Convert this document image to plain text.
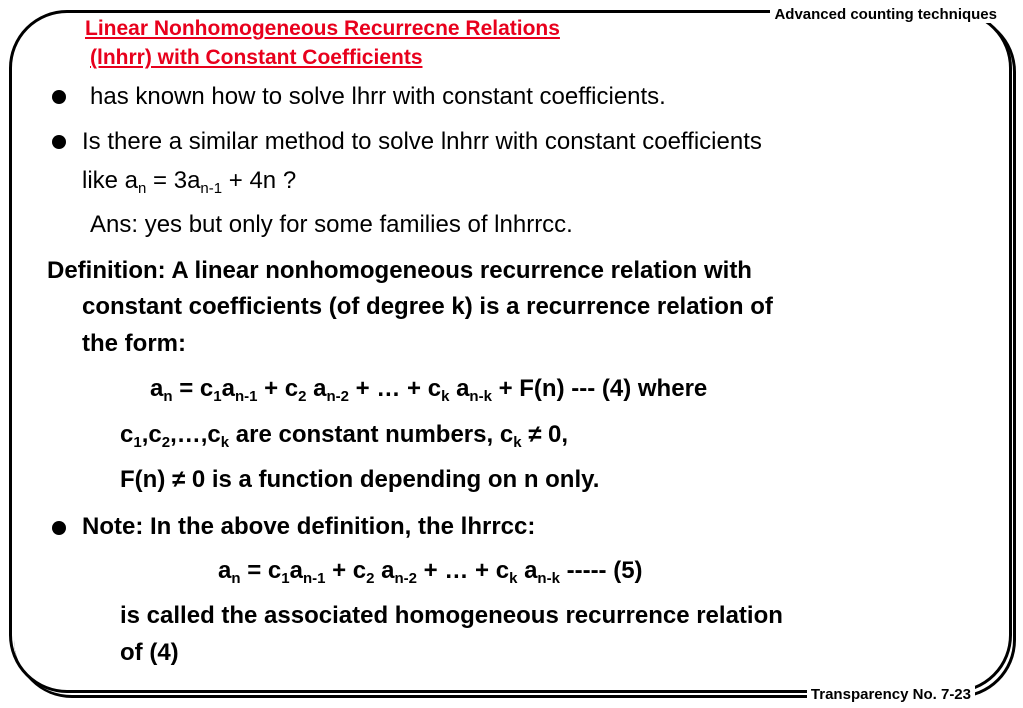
Advanced counting techniques
Linear Nonhomogeneous Recurrecne Relations
(lnhrr) with Constant Coefficients
has known how to solve lhrr with constant coefficients.
Is there a similar method to solve lnhrr with constant coefficients
like $a_n = 3a_{n-1} + 4n$ ?
Ans: yes but only for some families of lnhrrcc.
Definition: A linear nonhomogeneous recurrence relation with
constant coefficients (of degree k) is a recurrence relation of
the form:
$a_n = c_1a_{n-1} + c_2$ $a_{n-2}$ + … + $c_k$ $a_{n-k} + F(n)$ --- (4) where
$c_1,c_2,\dots,c_k$ are constant numbers, $c_k \ne 0$,
F(n) ≠ 0 is a function depending on n only.
Note: In the above definition, the lhrrcc:
$a_n = c_1a_{n-1} + c_2$ $a_{n-2}$ + … + $c_k$ $a_{n-k}$ ----- (5)
is called the associated homogeneous recurrence relation
of (4)
Transparency No. 7-23
